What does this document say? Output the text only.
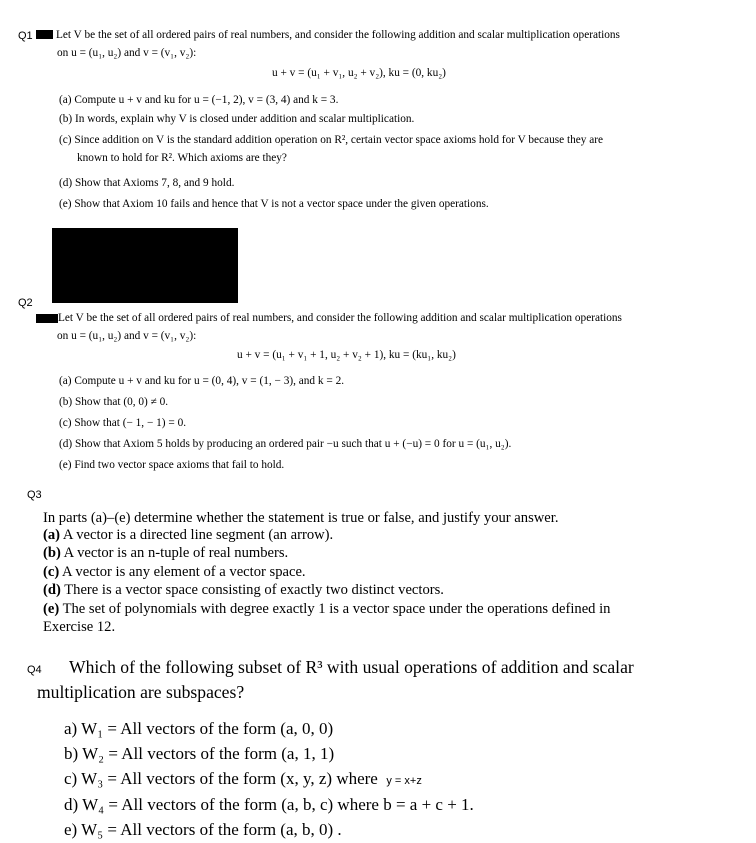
Q1 Let V be the set of all ordered pairs of real numbers, and consider the following addition and scalar multiplication operations
on u = (u₁, u₂) and v = (v₁, v₂):
u + v = (u₁ + v₁, u₂ + v₂), ku = (0, ku₂)
(a) Compute u + v and ku for u = (−1, 2), v = (3, 4) and k = 3.
(b) In words, explain why V is closed under addition and scalar multiplication.
(c) Since addition on V is the standard addition operation on R², certain vector space axioms hold for V because they are
known to hold for R². Which axioms are they?
(d) Show that Axioms 7, 8, and 9 hold.
(e) Show that Axiom 10 fails and hence that V is not a vector space under the given operations.
Q2
Let V be the set of all ordered pairs of real numbers, and consider the following addition and scalar multiplication operations
on u = (u₁, u₂) and v = (v₁, v₂):
u + v = (u₁ + v₁ + 1, u₂ + v₂ + 1), ku = (ku₁, ku₂)
(a) Compute u + v and ku for u = (0, 4), v = (1, − 3), and k = 2.
(b) Show that (0, 0) ≠ 0.
(c) Show that (− 1, − 1) = 0.
(d) Show that Axiom 5 holds by producing an ordered pair −u such that u + (−u) = 0 for u = (u₁, u₂).
(e) Find two vector space axioms that fail to hold.
Q3
In parts (a)–(e) determine whether the statement is true or false, and justify your answer.
(a) A vector is a directed line segment (an arrow).
(b) A vector is an n-tuple of real numbers.
(c) A vector is any element of a vector space.
(d) There is a vector space consisting of exactly two distinct vectors.
(e) The set of polynomials with degree exactly 1 is a vector space under the operations defined in
Exercise 12.
Q4 Which of the following subset of R³ with usual operations of addition and scalar
multiplication are subspaces?
a) W₁ = All vectors of the form (a, 0, 0)
b) W₂ = All vectors of the form (a, 1, 1)
c) W₃ = All vectors of the form (x, y, z) where y = x+z
d) W₄ = All vectors of the form (a, b, c) where b = a + c + 1.
e) W₅ = All vectors of the form (a, b, 0) .
